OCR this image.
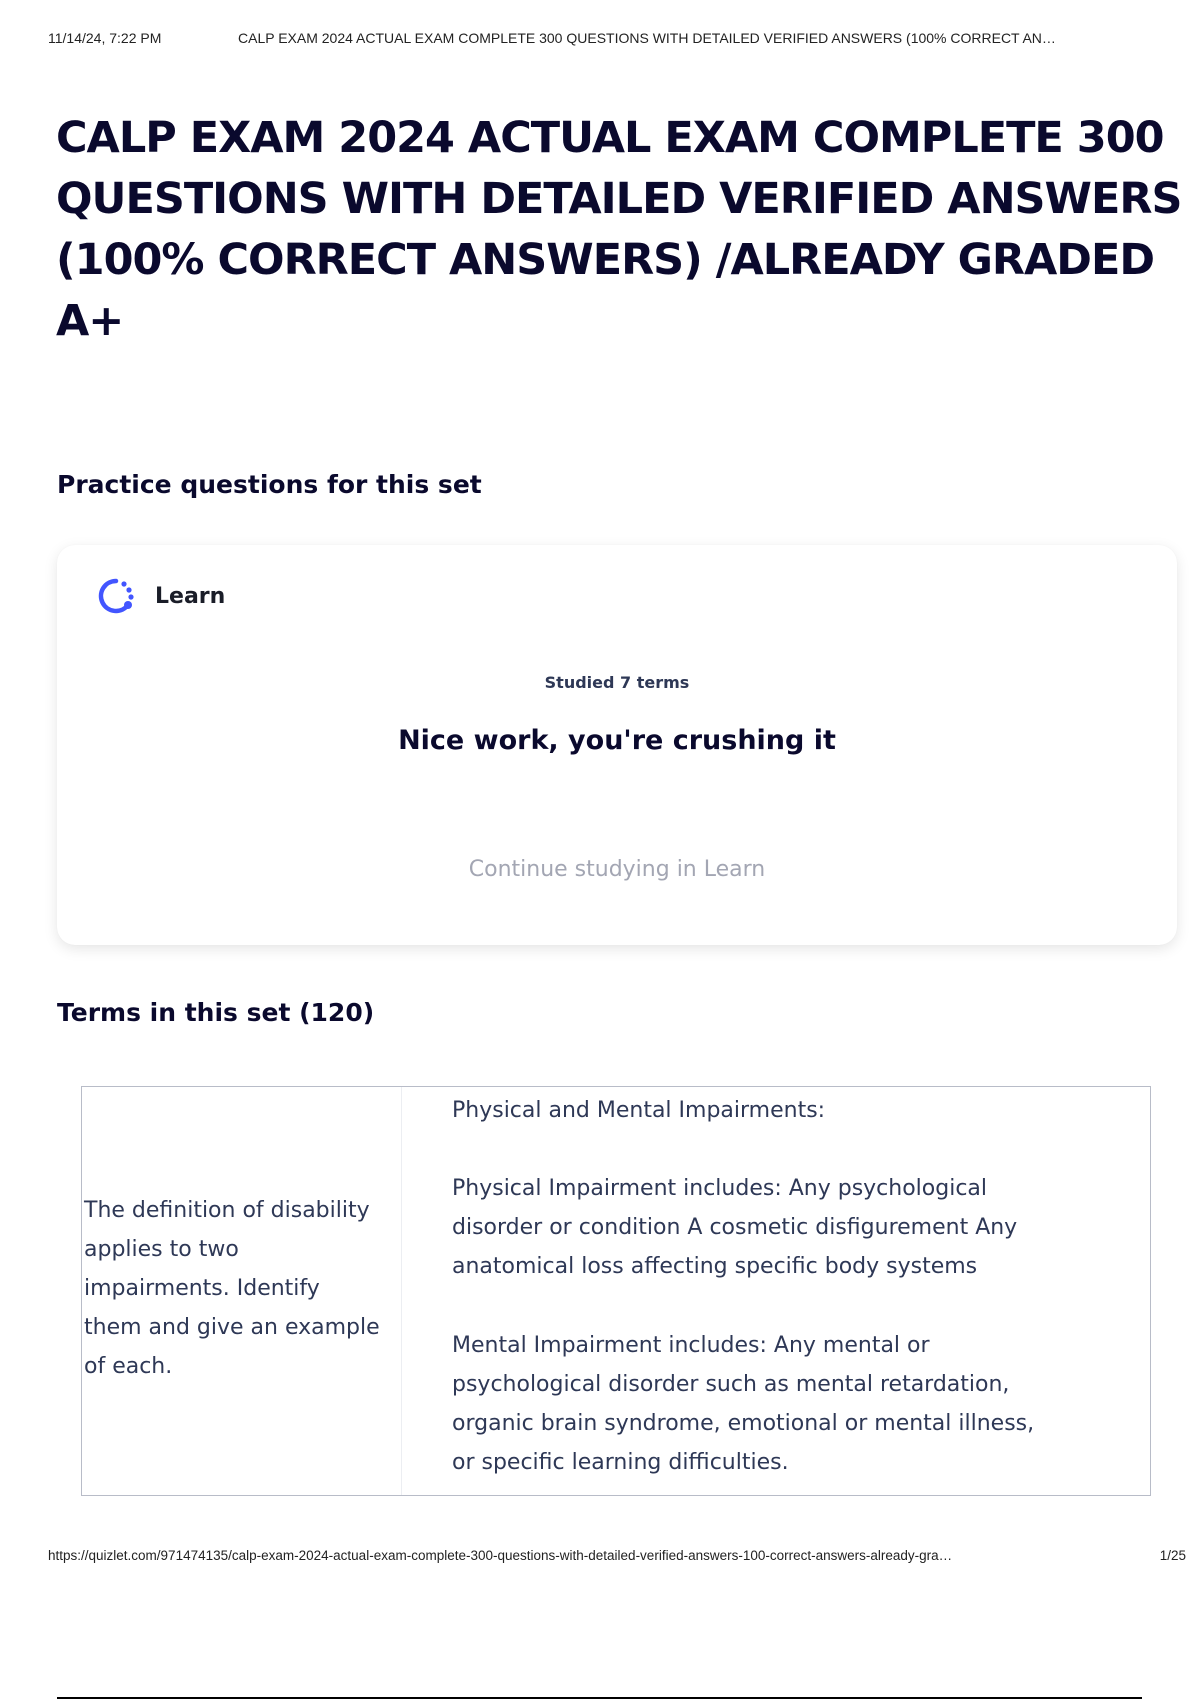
11/14/24, 7:22 PM	CALP EXAM 2024 ACTUAL EXAM COMPLETE 300 QUESTIONS WITH DETAILED VERIFIED ANSWERS (100% CORRECT AN…
CALP EXAM 2024 ACTUAL EXAM COMPLETE 300 QUESTIONS WITH DETAILED VERIFIED ANSWERS (100% CORRECT ANSWERS) /ALREADY GRADED A+
Practice questions for this set
Learn
Studied 7 terms
Nice work, you're crushing it
Continue studying in Learn
Terms in this set (120)
The definition of disability applies to two impairments. Identify them and give an example of each.

Physical and Mental Impairments:

Physical Impairment includes: Any psychological disorder or condition A cosmetic disfigurement Any anatomical loss affecting specific body systems

Mental Impairment includes: Any mental or psychological disorder such as mental retardation, organic brain syndrome, emotional or mental illness, or specific learning difficulties.

https://quizlet.com/971474135/calp-exam-2024-actual-exam-complete-300-questions-with-detailed-verified-answers-100-correct-answers-already-gra…	1/25
